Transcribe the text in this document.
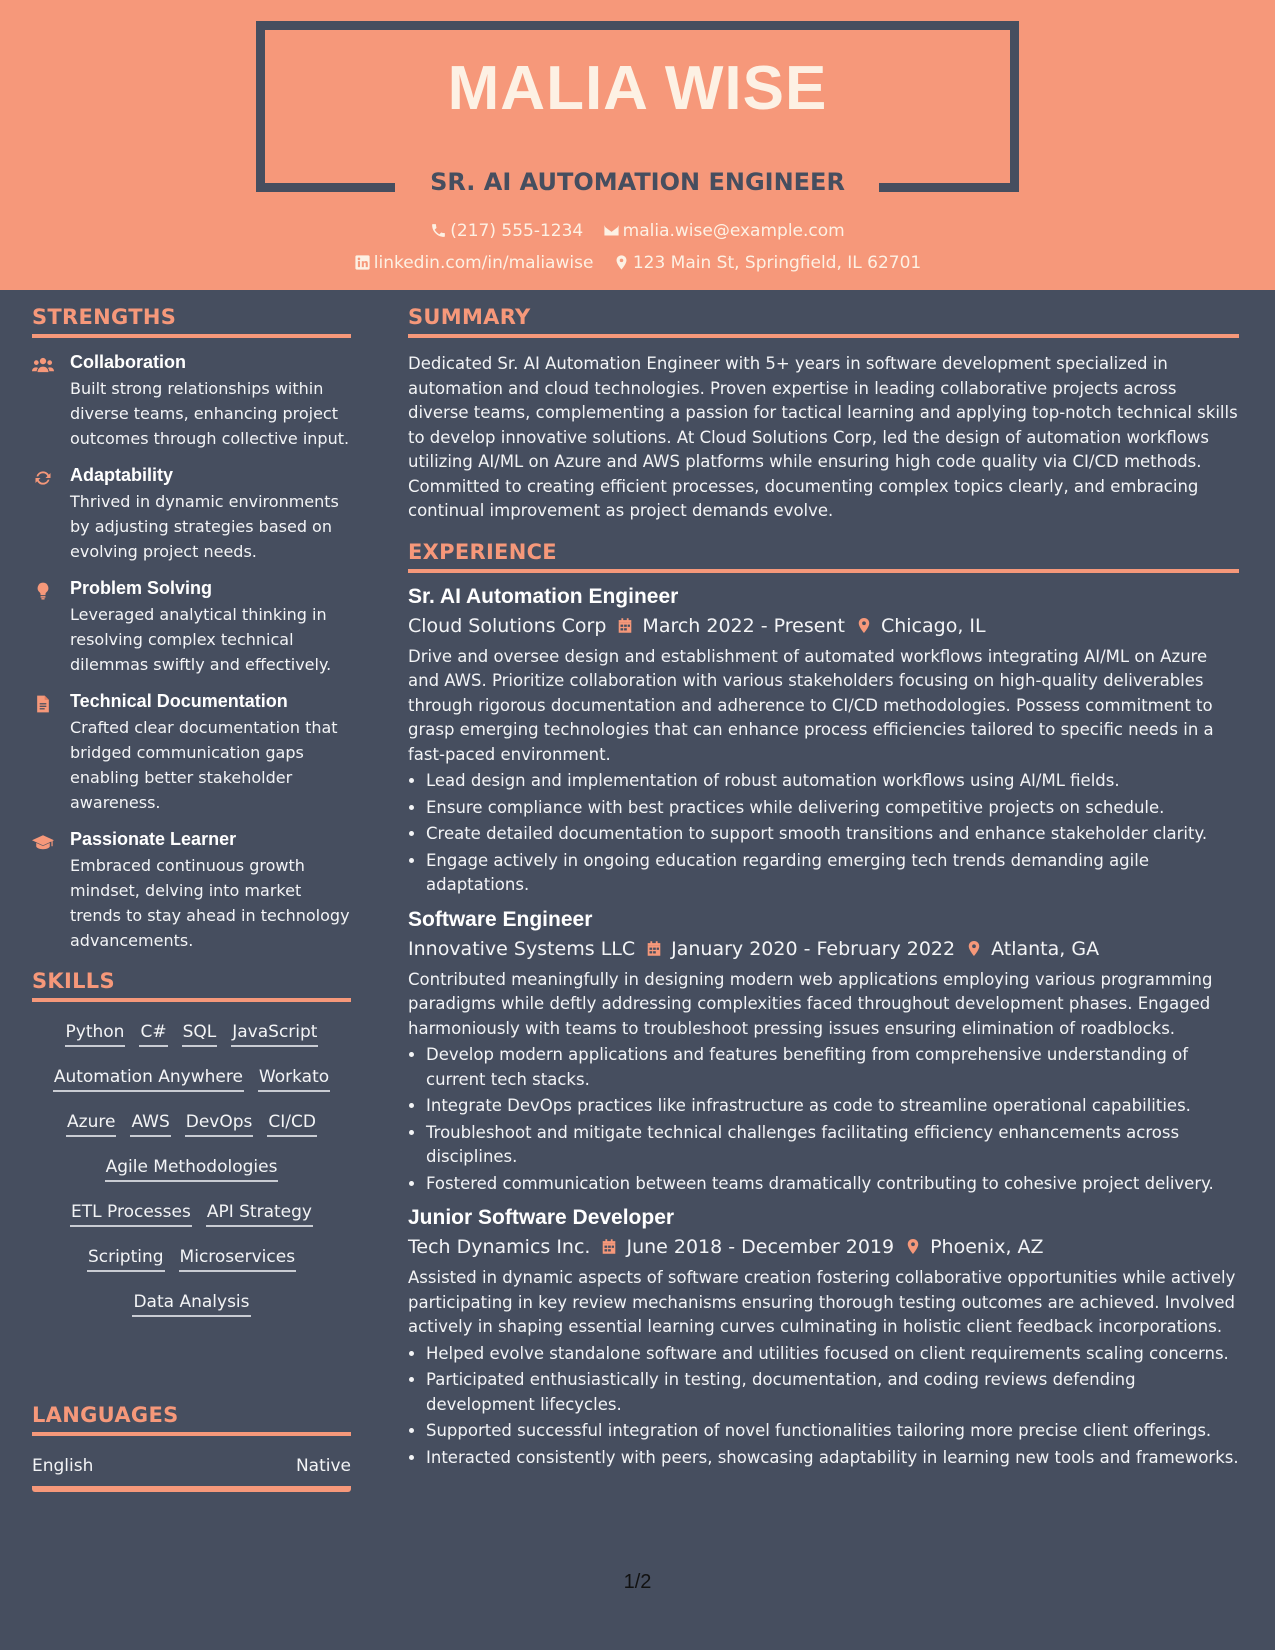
MALIA WISE
SR. AI AUTOMATION ENGINEER
(217) 555-1234 malia.wise@example.com
linkedin.com/in/maliawise 123 Main St, Springfield, IL 62701
STRENGTHS
Collaboration
Built strong relationships within diverse teams, enhancing project outcomes through collective input.
Adaptability
Thrived in dynamic environments by adjusting strategies based on evolving project needs.
Problem Solving
Leveraged analytical thinking in resolving complex technical dilemmas swiftly and effectively.
Technical Documentation
Crafted clear documentation that bridged communication gaps enabling better stakeholder awareness.
Passionate Learner
Embraced continuous growth mindset, delving into market trends to stay ahead in technology advancements.
SKILLS
Python C# SQL JavaScript
Automation Anywhere Workato
Azure AWS DevOps CI/CD
Agile Methodologies
ETL Processes API Strategy
Scripting Microservices
Data Analysis
LANGUAGES
English	Native
SUMMARY

Dedicated Sr. AI Automation Engineer with 5+ years in software development specialized in automation and cloud technologies. Proven expertise in leading collaborative projects across diverse teams, complementing a passion for tactical learning and applying top-notch technical skills to develop innovative solutions. At Cloud Solutions Corp, led the design of automation workflows utilizing AI/ML on Azure and AWS platforms while ensuring high code quality via CI/CD methods. Committed to creating efficient processes, documenting complex topics clearly, and embracing continual improvement as project demands evolve.

EXPERIENCE
Sr. AI Automation Engineer
Cloud Solutions Corp March 2022 - Present Chicago, IL

Drive and oversee design and establishment of automated workflows integrating AI/ML on Azure and AWS. Prioritize collaboration with various stakeholders focusing on high-quality deliverables through rigorous documentation and adherence to CI/CD methodologies. Possess commitment to grasp emerging technologies that can enhance process efficiencies tailored to specific needs in a fast-paced environment.

• Lead design and implementation of robust automation workflows using AI/ML fields.
• Ensure compliance with best practices while delivering competitive projects on schedule.
• Create detailed documentation to support smooth transitions and enhance stakeholder clarity.
• Engage actively in ongoing education regarding emerging tech trends demanding agile adaptations.
Software Engineer
Innovative Systems LLC January 2020 - February 2022 Atlanta, GA

Contributed meaningfully in designing modern web applications employing various programming paradigms while deftly addressing complexities faced throughout development phases. Engaged harmoniously with teams to troubleshoot pressing issues ensuring elimination of roadblocks.

• Develop modern applications and features benefiting from comprehensive understanding of current tech stacks.
• Integrate DevOps practices like infrastructure as code to streamline operational capabilities.
• Troubleshoot and mitigate technical challenges facilitating efficiency enhancements across disciplines.
• Fostered communication between teams dramatically contributing to cohesive project delivery.
Junior Software Developer
Tech Dynamics Inc. June 2018 - December 2019 Phoenix, AZ

Assisted in dynamic aspects of software creation fostering collaborative opportunities while actively participating in key review mechanisms ensuring thorough testing outcomes are achieved. Involved actively in shaping essential learning curves culminating in holistic client feedback incorporations.

• Helped evolve standalone software and utilities focused on client requirements scaling concerns.
• Participated enthusiastically in testing, documentation, and coding reviews defending development lifecycles.
• Supported successful integration of novel functionalities tailoring more precise client offerings.
• Interacted consistently with peers, showcasing adaptability in learning new tools and frameworks.
1/2
